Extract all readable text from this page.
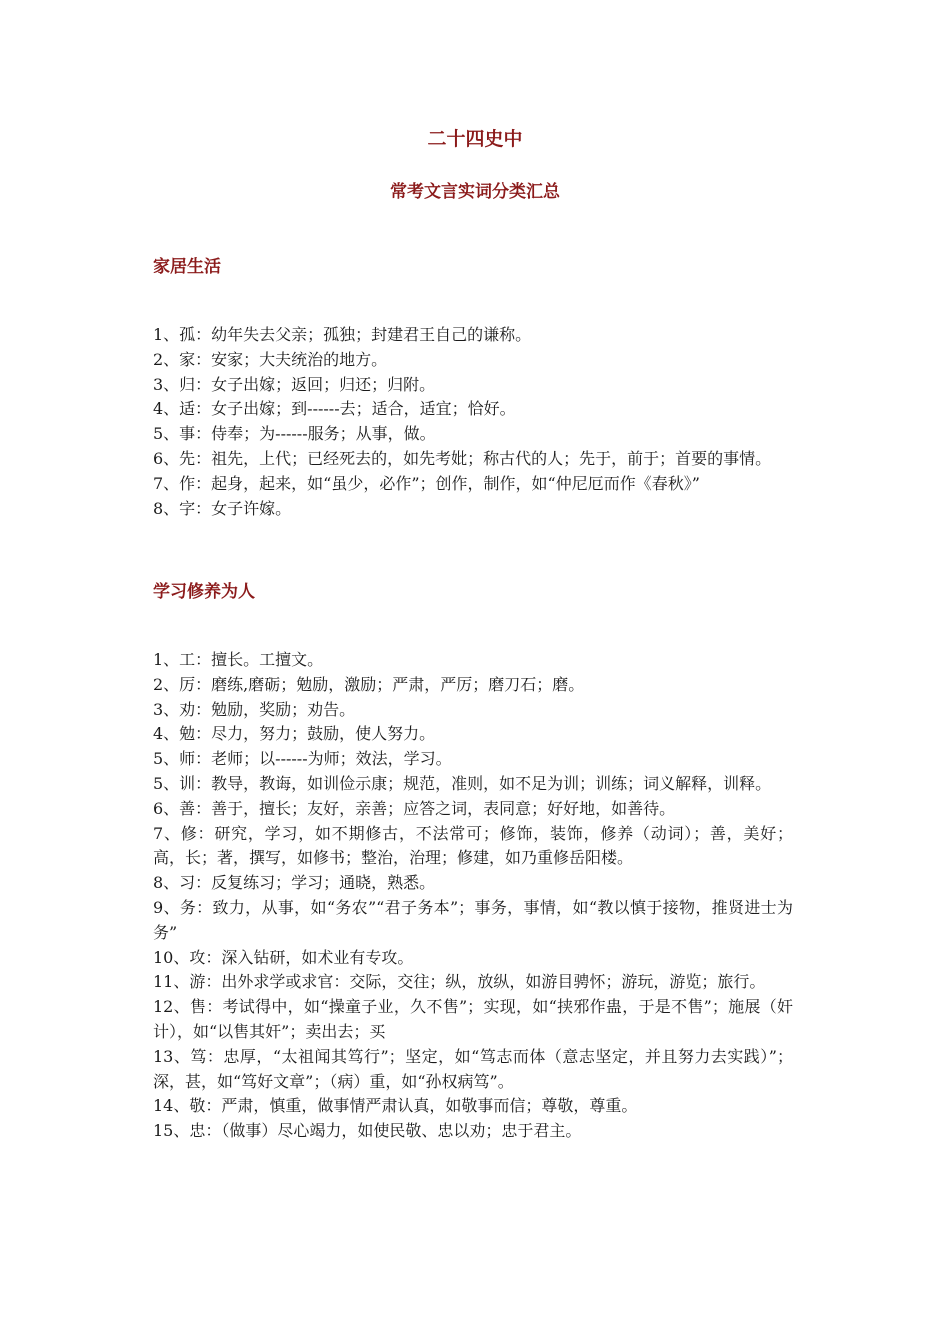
二十四史中
常考文言实词分类汇总
家居生活
1、孤：幼年失去父亲；孤独；封建君王自己的谦称。
2、家：安家；大夫统治的地方。
3、归：女子出嫁；返回；归还；归附。
4、适：女子出嫁；到------去；适合，适宜；恰好。
5、事：侍奉；为------服务；从事，做。
6、先：祖先，上代；已经死去的，如先考妣；称古代的人；先于，前于；首要的事情。
7、作：起身，起来，如“虽少，必作”；创作，制作，如“仲尼厄而作《春秋》”
8、字：女子许嫁。
学习修养为人
1、工：擅长。工擅文。
2、厉：磨练,磨砺；勉励，激励；严肃，严厉；磨刀石；磨。
3、劝：勉励，奖励；劝告。
4、勉：尽力，努力；鼓励，使人努力。
5、师：老师；以------为师；效法，学习。
5、训：教导，教诲，如训俭示康；规范，准则，如不足为训；训练；词义解释，训释。
6、善：善于，擅长；友好，亲善；应答之词，表同意；好好地，如善待。
7、修：研究，学习，如不期修古，不法常可；修饰，装饰，修养（动词）；善，美好；高，长；著，撰写，如修书；整治，治理；修建，如乃重修岳阳楼。
8、习：反复练习；学习；通晓，熟悉。
9、务：致力，从事，如“务农”“君子务本”；事务，事情，如“教以慎于接物，推贤进士为务”
10、攻：深入钻研，如术业有专攻。
11、游：出外求学或求官：交际，交往；纵，放纵，如游目骋怀；游玩，游览；旅行。
12、售：考试得中，如“操童子业，久不售”；实现，如“挟邪作蛊，于是不售”；施展（奸计），如“以售其奸”；卖出去；买
13、笃：忠厚，“太祖闻其笃行”；坚定，如“笃志而体（意志坚定，并且努力去实践）”；深，甚，如“笃好文章”；（病）重，如“孙权病笃”。
14、敬：严肃，慎重，做事情严肃认真，如敬事而信；尊敬，尊重。
15、忠：（做事）尽心竭力，如使民敬、忠以劝；忠于君主。
